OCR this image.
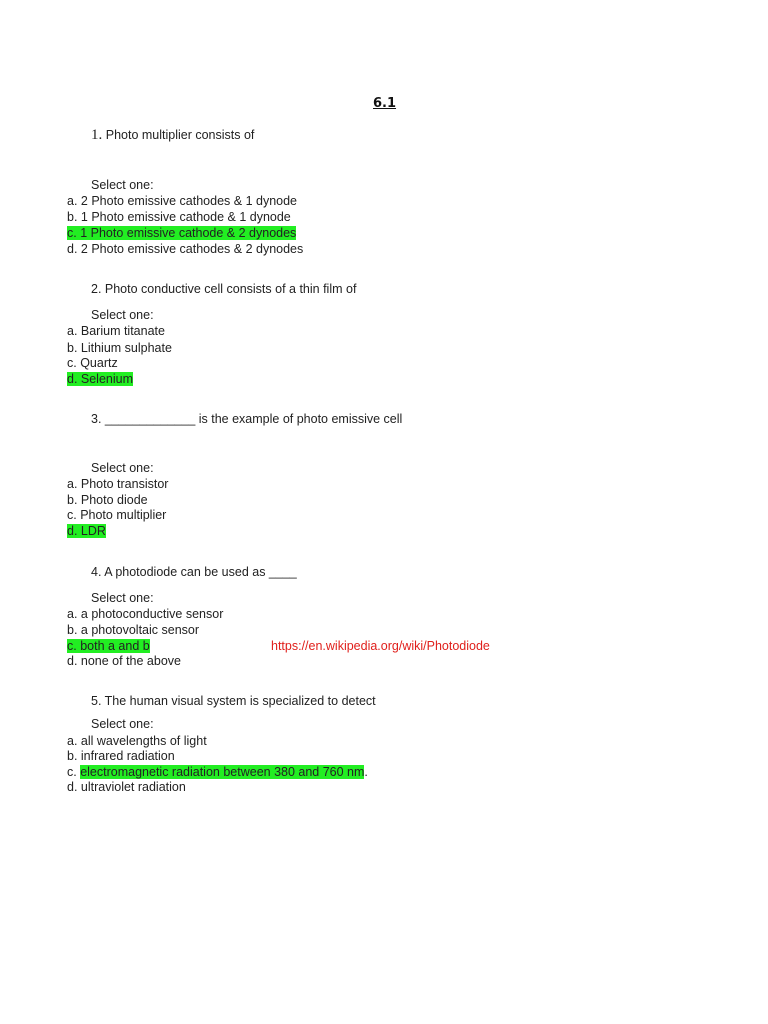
6.1
1. Photo multiplier consists of
Select one:
a. 2 Photo emissive cathodes & 1 dynode
b. 1 Photo emissive cathode & 1 dynode
c. 1 Photo emissive cathode & 2 dynodes
d. 2 Photo emissive cathodes & 2 dynodes
2. Photo conductive cell consists of a thin film of
Select one:
a. Barium titanate
b. Lithium sulphate
c. Quartz
d. Selenium
3. _____________ is the example of photo emissive cell
Select one:
a. Photo transistor
b. Photo diode
c. Photo multiplier
d. LDR
4. A photodiode can be used as ____
Select one:
a. a photoconductive sensor
b. a photovoltaic sensor
c. both a and b	https://en.wikipedia.org/wiki/Photodiode
d. none of the above
5. The human visual system is specialized to detect
Select one:
a. all wavelengths of light
b. infrared radiation
c. electromagnetic radiation between 380 and 760 nm.
d. ultraviolet radiation
